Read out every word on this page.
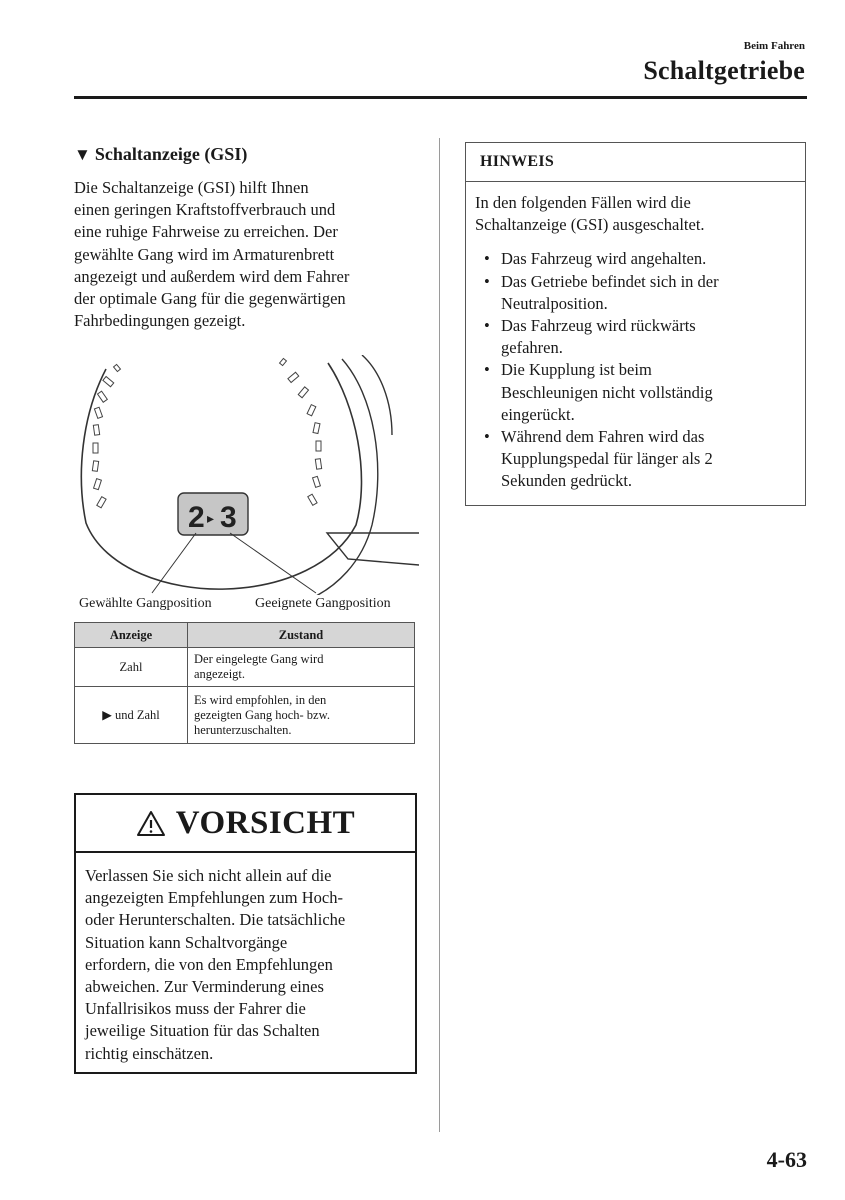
Beim Fahren
Schaltgetriebe
▼ Schaltanzeige (GSI)
Die Schaltanzeige (GSI) hilft Ihnen
einen geringen Kraftstoffverbrauch und
eine ruhige Fahrweise zu erreichen. Der
gewählte Gang wird im Armaturenbrett
angezeigt und außerdem wird dem Fahrer
der optimale Gang für die gegenwärtigen
Fahrbedingungen gezeigt.
2 ▸ 3
Gewählte Gangposition	Geeignete Gangposition
Anzeige	Zustand
Zahl	Der eingelegte Gang wird
angezeigt.

▶ und Zahl	Es wird empfohlen, in den
gezeigten Gang hoch- bzw.
herunterzuschalten.
VORSICHT
Verlassen Sie sich nicht allein auf die
angezeigten Empfehlungen zum Hoch-
oder Herunterschalten. Die tatsächliche
Situation kann Schaltvorgänge
erfordern, die von den Empfehlungen
abweichen. Zur Verminderung eines
Unfallrisikos muss der Fahrer die
jeweilige Situation für das Schalten
richtig einschätzen.
HINWEIS
In den folgenden Fällen wird die
Schaltanzeige (GSI) ausgeschaltet.
• Das Fahrzeug wird angehalten.
• Das Getriebe befindet sich in der
Neutralposition.
• Das Fahrzeug wird rückwärts
gefahren.
• Die Kupplung ist beim
Beschleunigen nicht vollständig
eingerückt.
• Während dem Fahren wird das
Kupplungspedal für länger als 2
Sekunden gedrückt.
4-63
